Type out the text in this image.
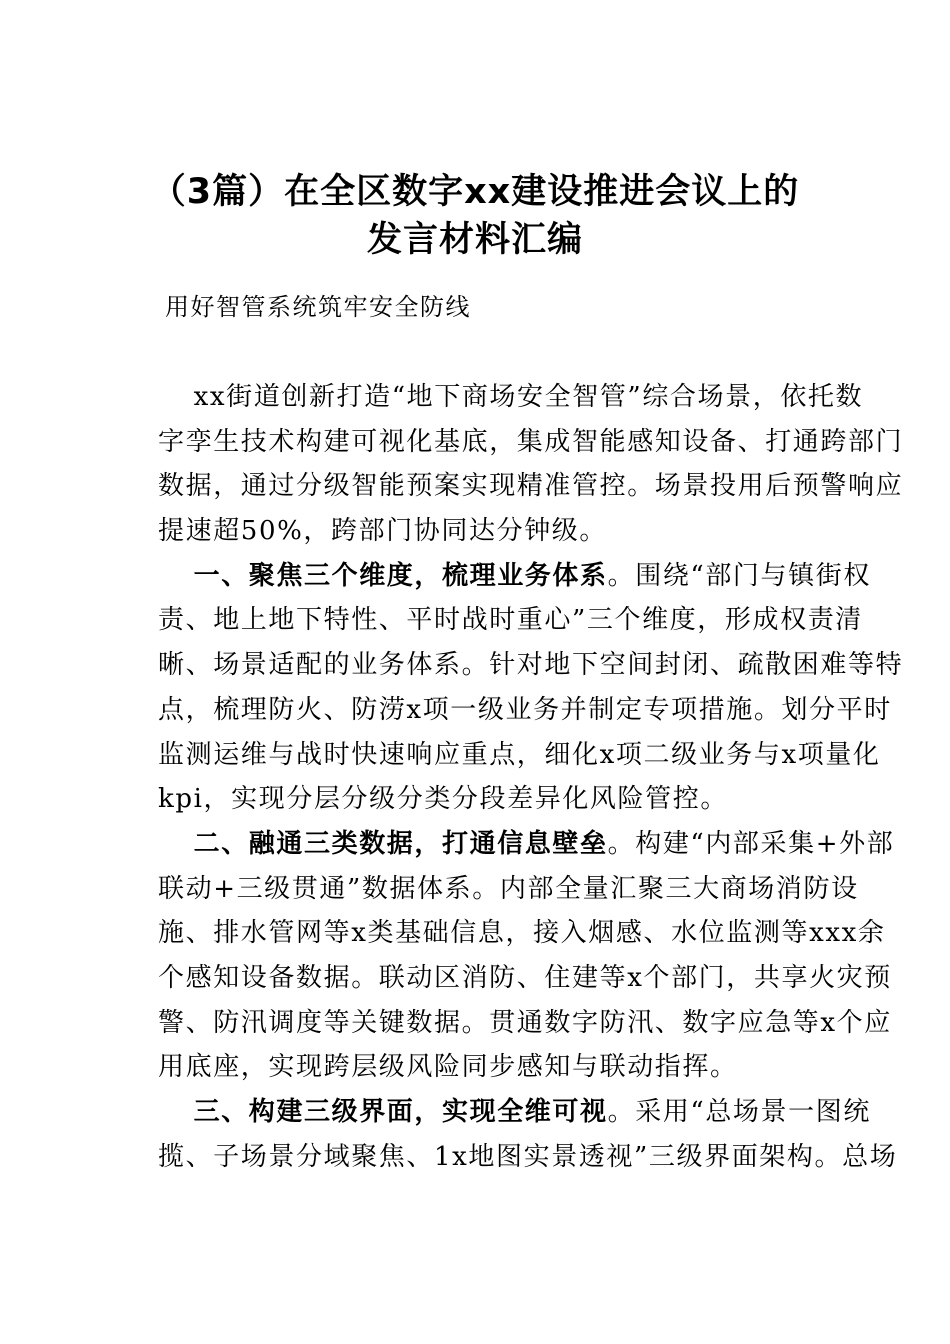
（3篇）在全区数字xx建设推进会议上的
发言材料汇编
用好智管系统筑牢安全防线
　xx街道创新打造“地下商场安全智管”综合场景，依托数
字孪生技术构建可视化基底，集成智能感知设备、打通跨部门
数据，通过分级智能预案实现精准管控。场景投用后预警响应
提速超50%，跨部门协同达分钟级。
　一、聚焦三个维度，梳理业务体系。围绕“部门与镇街权
责、地上地下特性、平时战时重心”三个维度，形成权责清
晰、场景适配的业务体系。针对地下空间封闭、疏散困难等特
点，梳理防火、防涝x项一级业务并制定专项措施。划分平时
监测运维与战时快速响应重点，细化x项二级业务与x项量化
kpi，实现分层分级分类分段差异化风险管控。
　二、融通三类数据，打通信息壁垒。构建“内部采集+外部
联动+三级贯通”数据体系。内部全量汇聚三大商场消防设
施、排水管网等x类基础信息，接入烟感、水位监测等xxx余
个感知设备数据。联动区消防、住建等x个部门，共享火灾预
警、防汛调度等关键数据。贯通数字防汛、数字应急等x个应
用底座，实现跨层级风险同步感知与联动指挥。
　三、构建三级界面，实现全维可视。采用“总场景一图统
揽、子场景分域聚焦、1x地图实景透视”三级界面架构。总场
